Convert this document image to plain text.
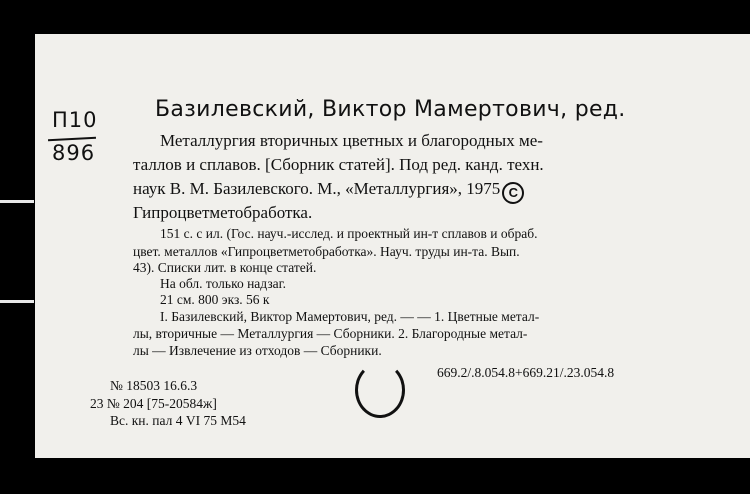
П10
896
Базилевский, Виктор Мамертович, ред.
Металлургия вторичных цветных и благородных ме-
таллов и сплавов. [Сборник статей]. Под ред. канд. техн.
наук В. М. Базилевского. М., «Металлургия», 1975 C
Гипроцветметобработка.
151 с. с ил. (Гос. науч.-исслед. и проектный ин-т сплавов и обраб.
цвет. металлов «Гипроцветметобработка». Науч. труды ин-та. Вып.
43). Списки лит. в конце статей.
На обл. только надзаг.
21 см. 800 экз. 56 к
I. Базилевский, Виктор Мамертович, ред. — — 1. Цветные метал-
лы, вторичные — Металлургия — Сборники. 2. Благородные метал-
лы — Извлечение из отходов — Сборники.
669.2/.8.054.8+669.21/.23.054.8
№ 18503 16.6.3
23 № 204 [75-20584ж]
Вс. кн. пал 4 VI 75 М54
